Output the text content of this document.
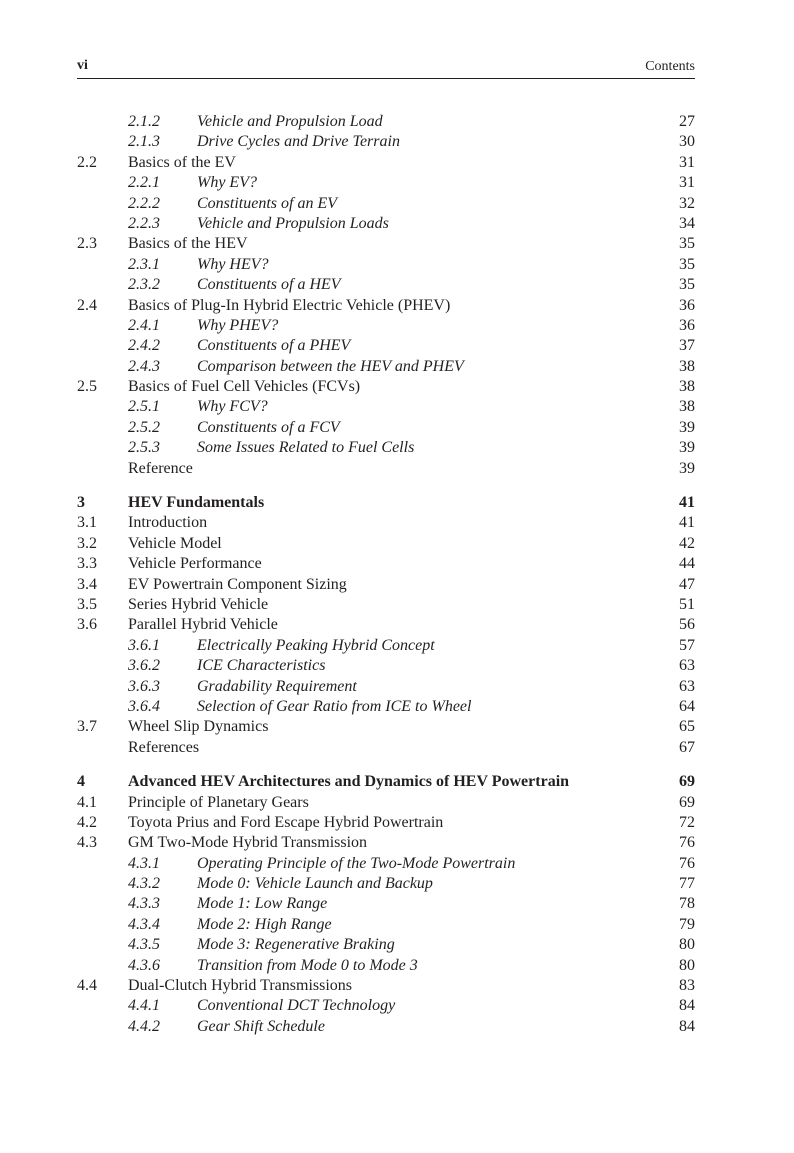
vi	Contents
2.1.2 Vehicle and Propulsion Load	27
2.1.3 Drive Cycles and Drive Terrain	30
2.2 Basics of the EV	31
2.2.1 Why EV?	31
2.2.2 Constituents of an EV	32
2.2.3 Vehicle and Propulsion Loads	34
2.3 Basics of the HEV	35
2.3.1 Why HEV?	35
2.3.2 Constituents of a HEV	35
2.4 Basics of Plug-In Hybrid Electric Vehicle (PHEV)	36
2.4.1 Why PHEV?	36
2.4.2 Constituents of a PHEV	37
2.4.3 Comparison between the HEV and PHEV	38
2.5 Basics of Fuel Cell Vehicles (FCVs)	38
2.5.1 Why FCV?	38
2.5.2 Constituents of a FCV	39
2.5.3 Some Issues Related to Fuel Cells	39
Reference	39
3	HEV Fundamentals	41
3.1 Introduction	41
3.2 Vehicle Model	42
3.3 Vehicle Performance	44
3.4 EV Powertrain Component Sizing	47
3.5 Series Hybrid Vehicle	51
3.6 Parallel Hybrid Vehicle	56
3.6.1 Electrically Peaking Hybrid Concept	57
3.6.2 ICE Characteristics	63
3.6.3 Gradability Requirement	63
3.6.4 Selection of Gear Ratio from ICE to Wheel	64
3.7 Wheel Slip Dynamics	65
References	67
4	Advanced HEV Architectures and Dynamics of HEV Powertrain	69
4.1 Principle of Planetary Gears	69
4.2 Toyota Prius and Ford Escape Hybrid Powertrain	72
4.3 GM Two-Mode Hybrid Transmission	76
4.3.1 Operating Principle of the Two-Mode Powertrain	76
4.3.2 Mode 0: Vehicle Launch and Backup	77
4.3.3 Mode 1: Low Range	78
4.3.4 Mode 2: High Range	79
4.3.5 Mode 3: Regenerative Braking	80
4.3.6 Transition from Mode 0 to Mode 3	80
4.4 Dual-Clutch Hybrid Transmissions	83
4.4.1 Conventional DCT Technology	84
4.4.2 Gear Shift Schedule	84
